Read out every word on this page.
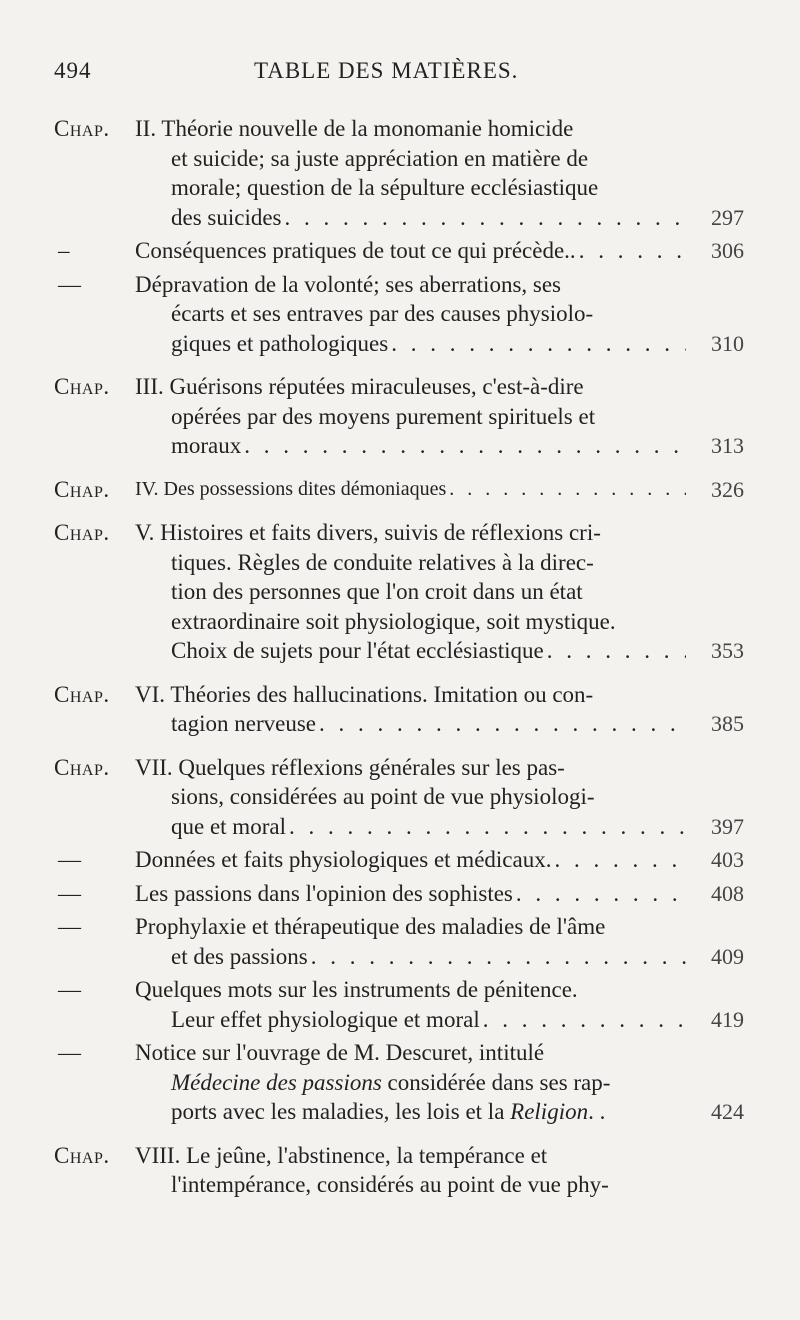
494	TABLE DES MATIÈRES.
Chap.	II. Théorie nouvelle de la monomanie homicide
et suicide; sa juste appréciation en matière de
morale; question de la sépulture ecclésiastique
des suicides . . .	297
–	Conséquences pratiques de tout ce qui précède.. . . .	306
—	Dépravation de la volonté; ses aberrations, ses
écarts et ses entraves par des causes physiolo-
giques et pathologiques . . .	310
Chap.	III. Guérisons réputées miraculeuses, c'est-à-dire
opérées par des moyens purement spirituels et
moraux . . .	313
Chap.	IV. Des possessions dites démoniaques . . .	326
Chap.	V. Histoires et faits divers, suivis de réflexions cri-
tiques. Règles de conduite relatives à la direc-
tion des personnes que l'on croit dans un état
extraordinaire soit physiologique, soit mystique.
Choix de sujets pour l'état ecclésiastique . . .	353
Chap.	VI. Théories des hallucinations. Imitation ou con-
tagion nerveuse . . .	385
Chap.	VII. Quelques réflexions générales sur les pas-
sions, considérées au point de vue physiologi-
que et moral . . .	397
—	Données et faits physiologiques et médicaux. . . .	403
—	Les passions dans l'opinion des sophistes . . .	408
—	Prophylaxie et thérapeutique des maladies de l'âme
et des passions . . .	409
—	Quelques mots sur les instruments de pénitence.
Leur effet physiologique et moral . . .	419
—	Notice sur l'ouvrage de M. Descuret, intitulé
Médecine des passions considérée dans ses rap-
ports avec les maladies, les lois et la Religion. .	424
Chap.	VIII. Le jeûne, l'abstinence, la tempérance et
l'intempérance, considérés au point de vue phy-
